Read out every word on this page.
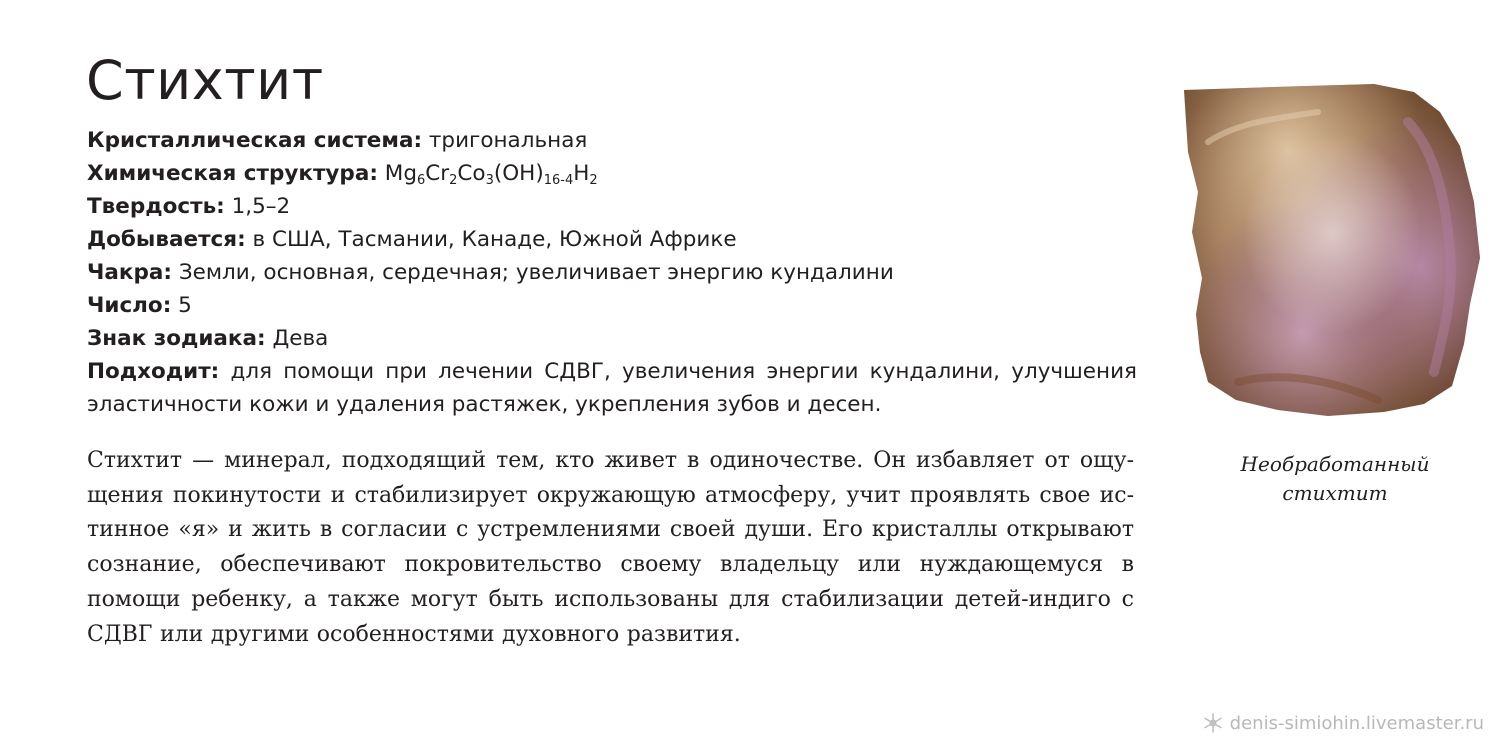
Стихтит

Кристаллическая система: тригональная

Химическая структура: $Mg_6Cr_2Co_3(OH)_{16-4}H_2$

Твердость: 1,5–2

Добывается: в США, Тасмании, Канаде, Южной Африке

Чакра: Земли, основная, сердечная; увеличивает энергию кундалини

Число: 5

Знак зодиака: Дева

Подходит: для помощи при лечении СДВГ, увеличения энергии кундалини, улучшения эластичности кожи и удаления растяжек, укрепления зубов и десен.

Стихтит — минерал, подходящий тем, кто живет в одиночестве. Он избавляет от ощущения покинутости и стабилизирует окружающую атмосферу, учит проявлять свое истинное «я» и жить в согласии с устремлениями своей души. Его кристаллы открывают сознание, обеспечивают покровительство своему владельцу или нуждающемуся в помощи ребенку, а также могут быть использованы для стабилизации детей-индиго с СДВГ или другими особенностями духовного развития.

Необработанный
стихтит
denis-simiohin.livemaster.ru
